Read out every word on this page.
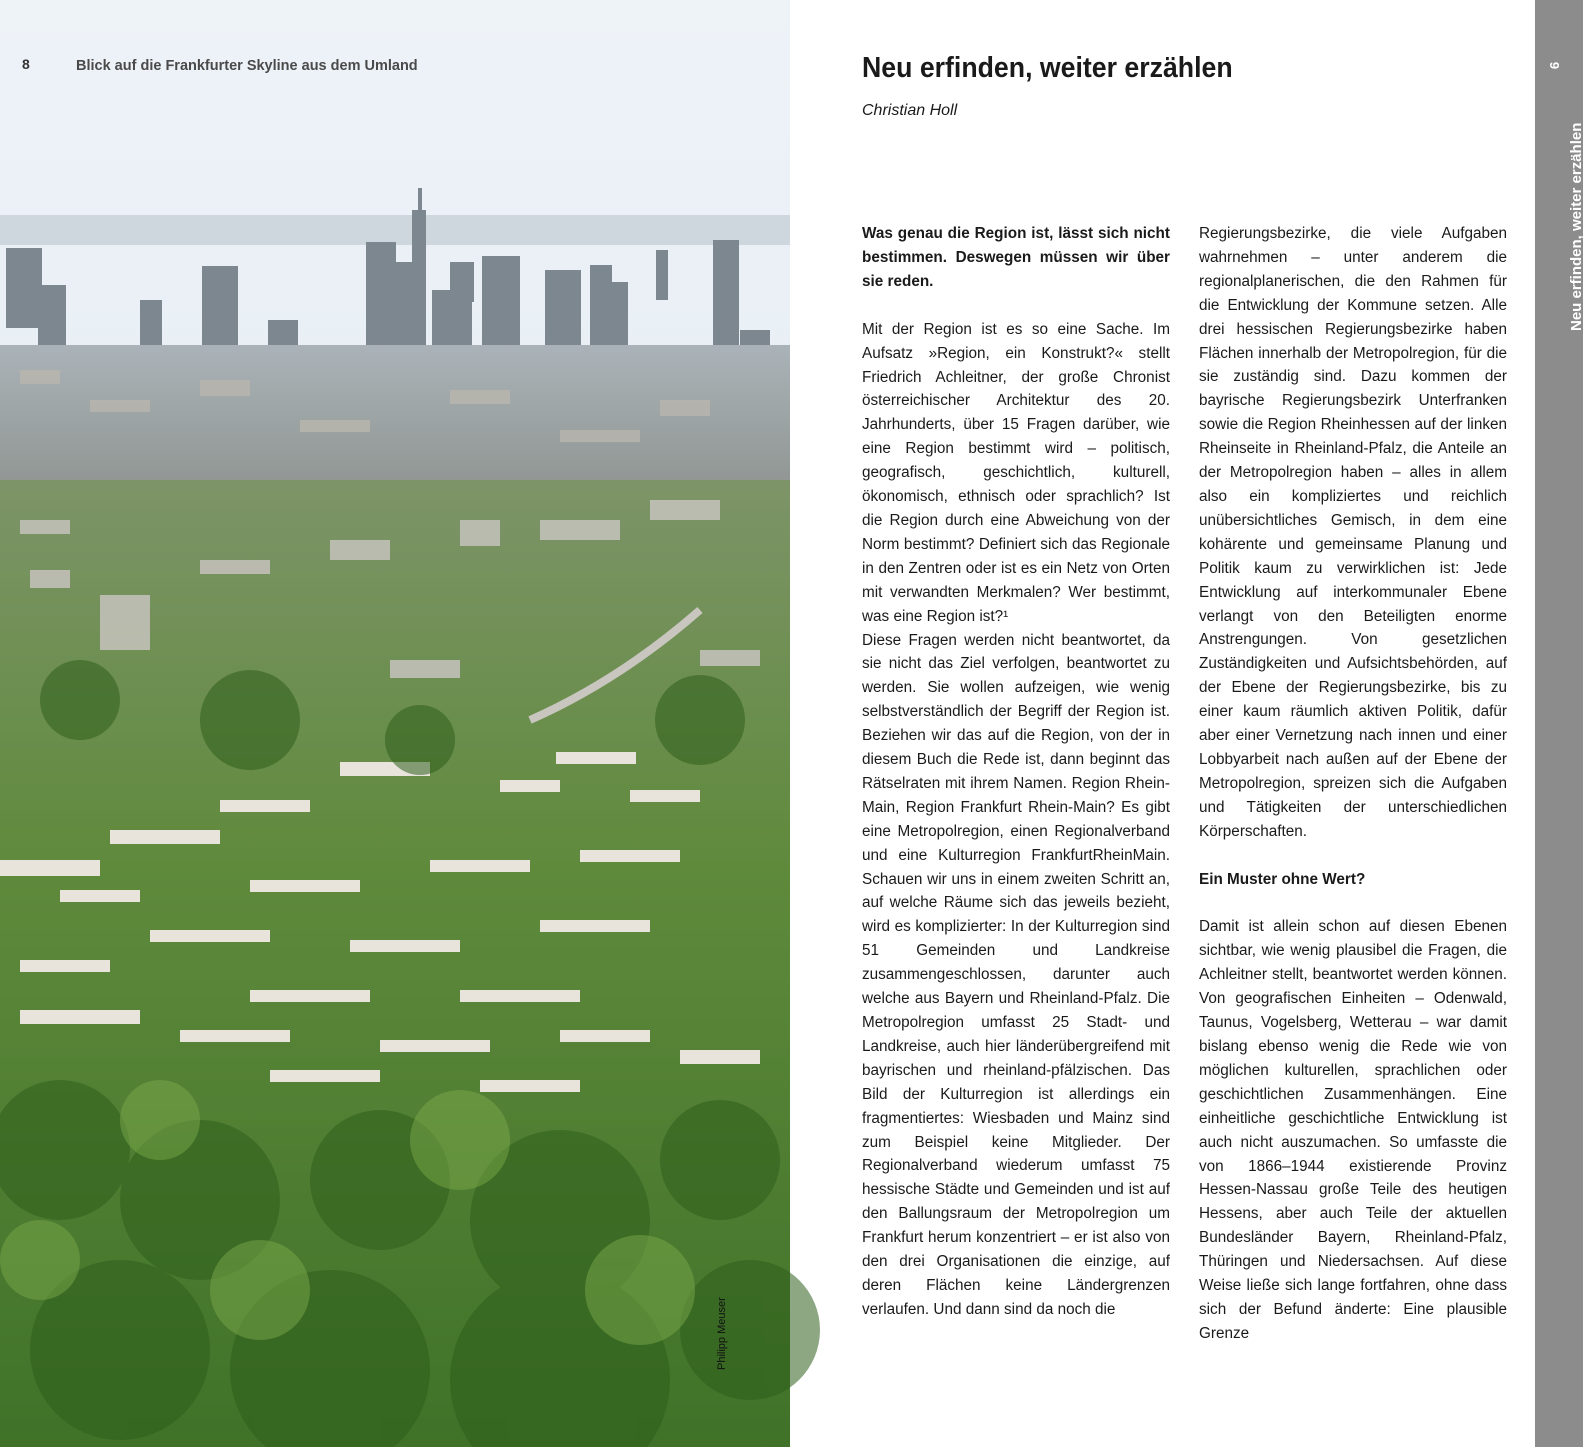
8	Blick auf die Frankfurter Skyline aus dem Umland
Philipp Meuser
Neu erfinden, weiter erzählen
Christian Holl

Was genau die Region ist, lässt sich nicht bestimmen. Deswegen müssen wir über sie reden.

Mit der Region ist es so eine Sache. Im Aufsatz »Region, ein Konstrukt?« stellt Friedrich Achleitner, der große Chronist österreichischer Architektur des 20. Jahrhunderts, über 15 Fragen darüber, wie eine Region bestimmt wird – politisch, geografisch, geschichtlich, kulturell, ökonomisch, ethnisch oder sprachlich? Ist die Region durch eine Abweichung von der Norm bestimmt? Definiert sich das Regionale in den Zentren oder ist es ein Netz von Orten mit verwandten Merkmalen? Wer bestimmt, was eine Region ist?¹

Diese Fragen werden nicht beantwortet, da sie nicht das Ziel verfolgen, beantwortet zu werden. Sie wollen aufzeigen, wie wenig selbstverständlich der Begriff der Region ist. Beziehen wir das auf die Region, von der in diesem Buch die Rede ist, dann beginnt das Rätselraten mit ihrem Namen. Region Rhein-Main, Region Frankfurt Rhein-Main? Es gibt eine Metropolregion, einen Regionalverband und eine Kulturregion FrankfurtRheinMain. Schauen wir uns in einem zweiten Schritt an, auf welche Räume sich das jeweils bezieht, wird es komplizierter: In der Kulturregion sind 51 Gemeinden und Landkreise zusammengeschlossen, darunter auch welche aus Bayern und Rheinland-Pfalz. Die Metropolregion umfasst 25 Stadt- und Landkreise, auch hier länderübergreifend mit bayrischen und rheinland-pfälzischen. Das Bild der Kulturregion ist allerdings ein fragmentiertes: Wiesbaden und Mainz sind zum Beispiel keine Mitglieder. Der Regionalverband wiederum umfasst 75 hessische Städte und Gemeinden und ist auf den Ballungsraum der Metropolregion um Frankfurt herum konzentriert – er ist also von den drei Organisationen die einzige, auf deren Flächen keine Ländergrenzen verlaufen. Und dann sind da noch die

Regierungsbezirke, die viele Aufgaben wahrnehmen – unter anderem die regionalplanerischen, die den Rahmen für die Entwicklung der Kommune setzen. Alle drei hessischen Regierungsbezirke haben Flächen innerhalb der Metropolregion, für die sie zuständig sind. Dazu kommen der bayrische Regierungsbezirk Unterfranken sowie die Region Rheinhessen auf der linken Rheinseite in Rheinland-Pfalz, die Anteile an der Metropolregion haben – alles in allem also ein kompliziertes und reichlich unübersichtliches Gemisch, in dem eine kohärente und gemeinsame Planung und Politik kaum zu verwirklichen ist: Jede Entwicklung auf interkommunaler Ebene verlangt von den Beteiligten enorme Anstrengungen. Von gesetzlichen Zuständigkeiten und Aufsichtsbehörden, auf der Ebene der Regierungsbezirke, bis zu einer kaum räumlich aktiven Politik, dafür aber einer Vernetzung nach innen und einer Lobbyarbeit nach außen auf der Ebene der Metropolregion, spreizen sich die Aufgaben und Tätigkeiten der unterschiedlichen Körperschaften.

Ein Muster ohne Wert?

Damit ist allein schon auf diesen Ebenen sichtbar, wie wenig plausibel die Fragen, die Achleitner stellt, beantwortet werden können. Von geografischen Einheiten – Odenwald, Taunus, Vogelsberg, Wetterau – war damit bislang ebenso wenig die Rede wie von möglichen kulturellen, sprachlichen oder geschichtlichen Zusammenhängen. Eine einheitliche geschichtliche Entwicklung ist auch nicht auszumachen. So umfasste die von 1866–1944 existierende Provinz Hessen-Nassau große Teile des heutigen Hessens, aber auch Teile der aktuellen Bundesländer Bayern, Rheinland-Pfalz, Thüringen und Niedersachsen. Auf diese Weise ließe sich lange fortfahren, ohne dass sich der Befund änderte: Eine plausible Grenze

9
Neu erfinden, weiter erzählen
